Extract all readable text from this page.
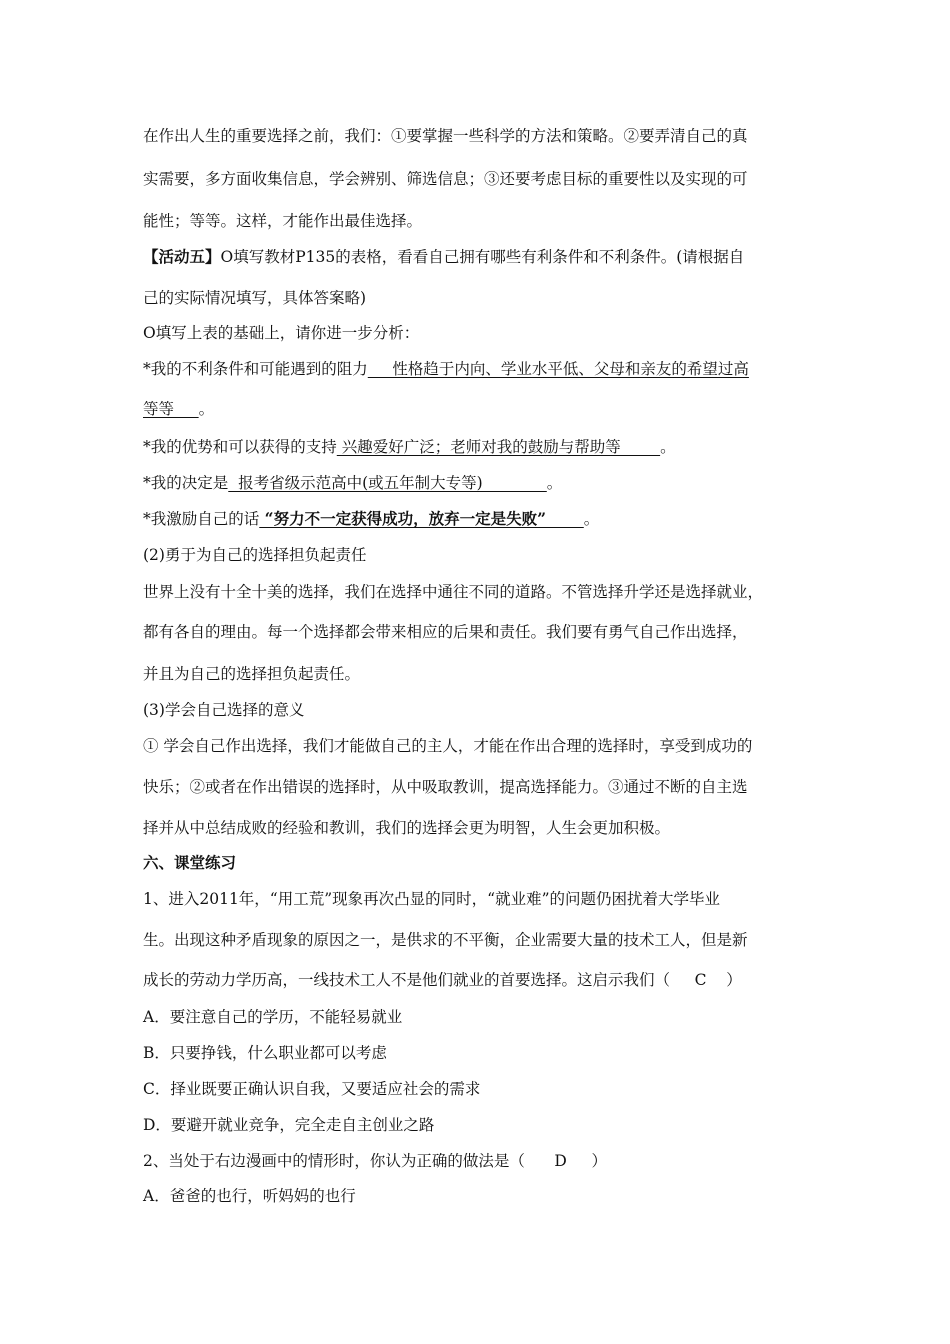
在作出人生的重要选择之前，我们：①要掌握一些科学的方法和策略。②要弄清自己的真
实需要，多方面收集信息，学会辨别、筛选信息；③还要考虑目标的重要性以及实现的可
能性；等等。这样，才能作出最佳选择。
【活动五】O填写教材P135的表格，看看自己拥有哪些有利条件和不利条件。(请根据自
己的实际情况填写，具体答案略)
O填写上表的基础上，请你进一步分析：
*我的不利条件和可能遇到的阻力     性格趋于内向、学业水平低、父母和亲友的希望过高
等等     。
*我的优势和可以获得的支持 兴趣爱好广泛；老师对我的鼓励与帮助等        。
*我的决定是  报考省级示范高中(或五年制大专等)             。
*我激励自己的话 “努力不一定获得成功，放弃一定是失败”       。
(2)勇于为自己的选择担负起责任
世界上没有十全十美的选择，我们在选择中通往不同的道路。不管选择升学还是选择就业，
都有各自的理由。每一个选择都会带来相应的后果和责任。我们要有勇气自己作出选择，
并且为自己的选择担负起责任。
(3)学会自己选择的意义
① 学会自己作出选择，我们才能做自己的主人，才能在作出合理的选择时，享受到成功的
快乐；②或者在作出错误的选择时，从中吸取教训，提高选择能力。③通过不断的自主选
择并从中总结成败的经验和教训，我们的选择会更为明智，人生会更加积极。
六、课堂练习
1、进入2011年，“用工荒”现象再次凸显的同时，“就业难”的问题仍困扰着大学毕业
生。出现这种矛盾现象的原因之一，是供求的不平衡，企业需要大量的技术工人，但是新
成长的劳动力学历高，一线技术工人不是他们就业的首要选择。这启示我们（     C    ）
A．要注意自己的学历，不能轻易就业
B．只要挣钱，什么职业都可以考虑
C．择业既要正确认识自我，又要适应社会的需求
D．要避开就业竞争，完全走自主创业之路
2、当处于右边漫画中的情形时，你认为正确的做法是（      D     ）
A．爸爸的也行，听妈妈的也行
